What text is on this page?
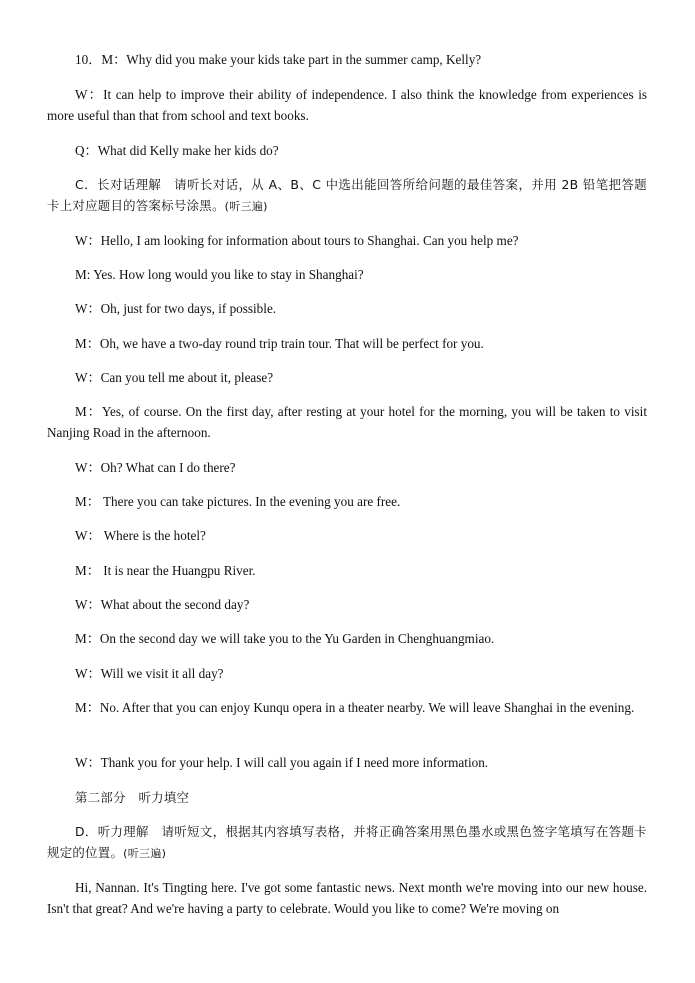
10．M：Why did you make your kids take part in the summer camp, Kelly?

W：It can help to improve their ability of independence. I also think the knowledge from experiences is more useful than that from school and text books.

Q：What did Kelly make her kids do?

C．长对话理解　请听长对话，从 A、B、C 中选出能回答所给问题的最佳答案，并用 2B 铅笔把答题卡上对应题目的答案标号涂黑。(听三遍)

W：Hello, I am looking for information about tours to Shanghai. Can you help me?

M: Yes. How long would you like to stay in Shanghai?

W：Oh, just for two days, if possible.

M：Oh, we have a two-day round trip train tour. That will be perfect for you.

W：Can you tell me about it, please?

M：Yes, of course. On the first day, after resting at your hotel for the morning, you will be taken to visit Nanjing Road in the afternoon.

W：Oh? What can I do there?

M： There you can take pictures. In the evening you are free.

W： Where is the hotel?

M： It is near the Huangpu River.

W：What about the second day?

M：On the second day we will take you to the Yu Garden in Chenghuangmiao.

W：Will we visit it all day?

M：No. After that you can enjoy Kunqu opera in a theater nearby. We will leave Shanghai in the evening.

W：Thank you for your help. I will call you again if I need more information.

第二部分　听力填空

D．听力理解　请听短文，根据其内容填写表格，并将正确答案用黑色墨水或黑色签字笔填写在答题卡规定的位置。(听三遍)

Hi, Nannan. It's Tingting here. I've got some fantastic news. Next month we're moving into our new house. Isn't that great? And we're having a party to celebrate. Would you like to come? We're moving on
